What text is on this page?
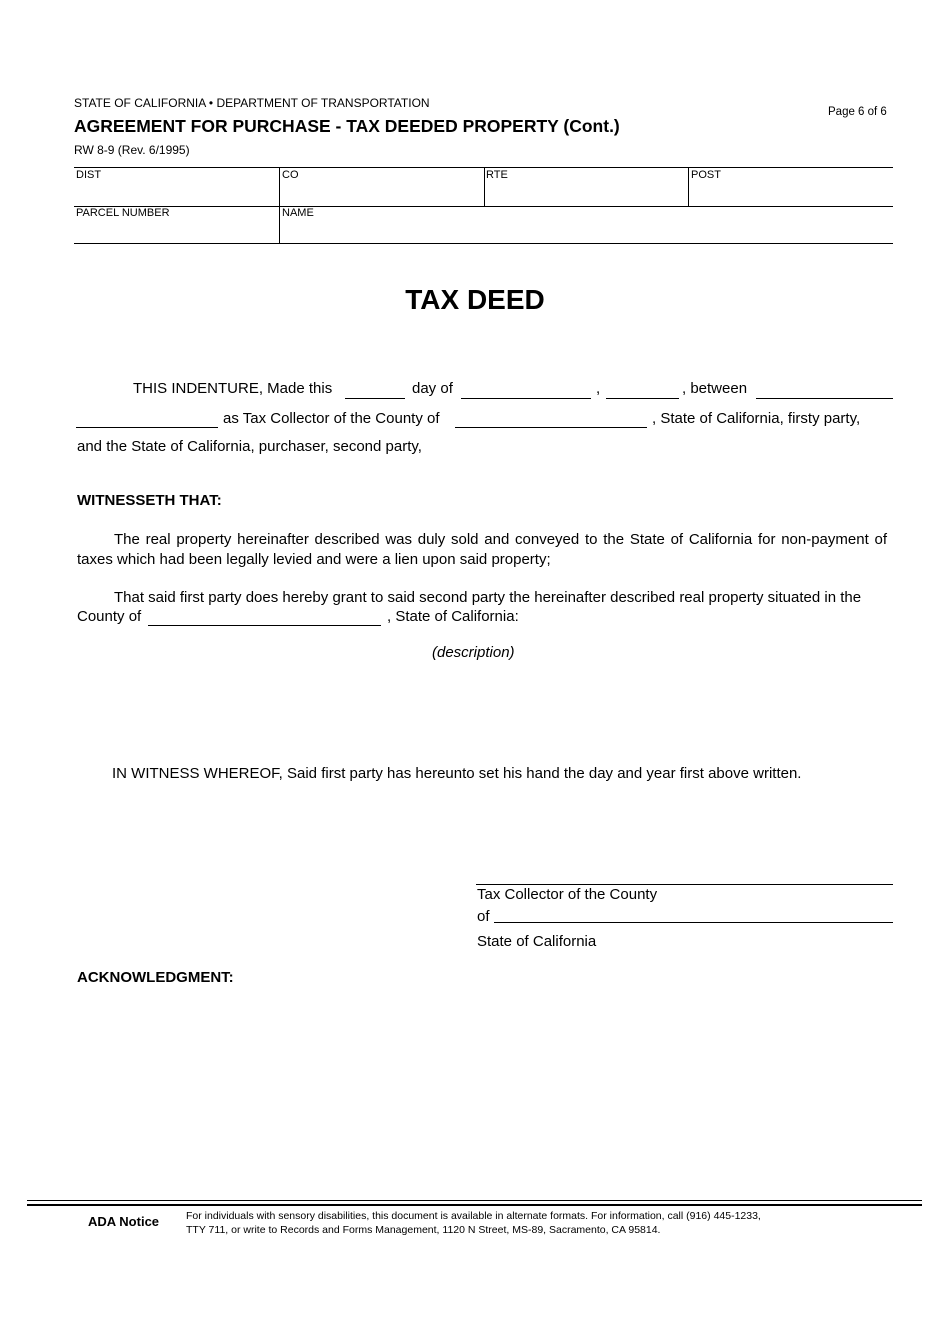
STATE OF CALIFORNIA • DEPARTMENT OF TRANSPORTATION
AGREEMENT FOR PURCHASE - TAX DEEDED PROPERTY (Cont.)
RW 8-9 (Rev. 6/1995)
Page 6 of 6
DIST	CO	RTE	POST
PARCEL NUMBER	NAME
TAX DEED
THIS INDENTURE, Made this	day of	,	, between
as Tax Collector of the County of	, State of California, firsty party,
and the State of California, purchaser, second party,
WITNESSETH THAT:
The real property hereinafter described was duly sold and conveyed to the State of California for non-payment of taxes which had been legally levied and were a lien upon said property;
That said first party does hereby grant to said second party the hereinafter described real property situated in the
County of	, State of California:
(description)
IN WITNESS WHEREOF, Said first party has hereunto set his hand the day and year first above written.
Tax Collector of the County
of
State of California
ACKNOWLEDGMENT:
ADA Notice	For individuals with sensory disabilities, this document is available in alternate formats. For information, call (916) 445-1233,
TTY 711, or write to Records and Forms Management, 1120 N Street, MS-89, Sacramento, CA 95814.
